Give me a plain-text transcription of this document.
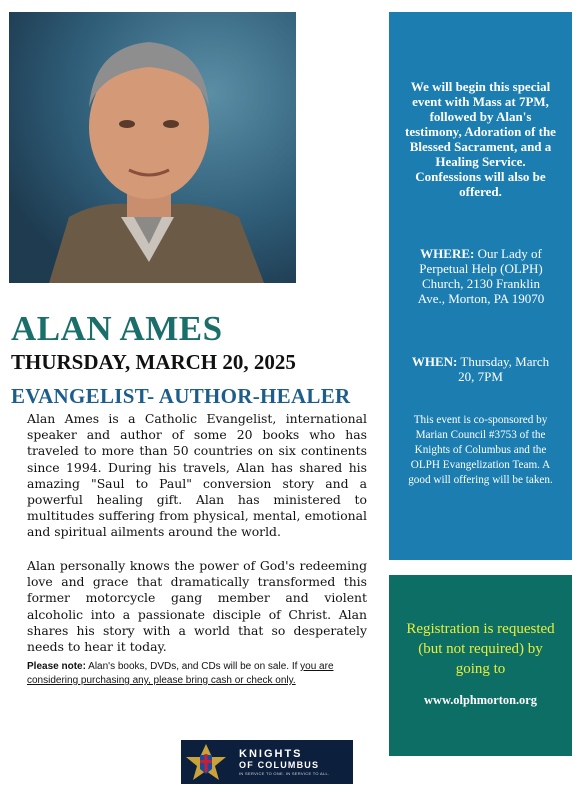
ALAN AMES
THURSDAY, MARCH 20, 2025
EVANGELIST- AUTHOR-HEALER

Alan Ames is a Catholic Evangelist, international speaker and author of some 20 books who has traveled to more than 50 countries on six continents since 1994. During his travels, Alan has shared his amazing "Saul to Paul" conversion story and a powerful healing gift. Alan has ministered to multitudes suffering from physical, mental, emotional and spiritual ailments around the world.

Alan personally knows the power of God's redeeming love and grace that dramatically transformed this former motorcycle gang member and violent alcoholic into a passionate disciple of Christ. Alan shares his story with a world that so desperately needs to hear it today.

Please note: Alan's books, DVDs, and CDs will be on sale. If you are considering purchasing any, please bring cash or check only.

KNIGHTS
OF COLUMBUS
IN SERVICE TO ONE. IN SERVICE TO ALL.

We will begin this special event with Mass at 7PM, followed by Alan's testimony, Adoration of the Blessed Sacrament, and a Healing Service. Confessions will also be offered.

WHERE: Our Lady of Perpetual Help (OLPH) Church, 2130 Franklin Ave., Morton, PA 19070

WHEN: Thursday, March 20, 7PM

This event is co-sponsored by Marian Council #3753 of the Knights of Columbus and the OLPH Evangelization Team. A good will offering will be taken.

Registration is requested (but not required) by going to

www.olphmorton.org
